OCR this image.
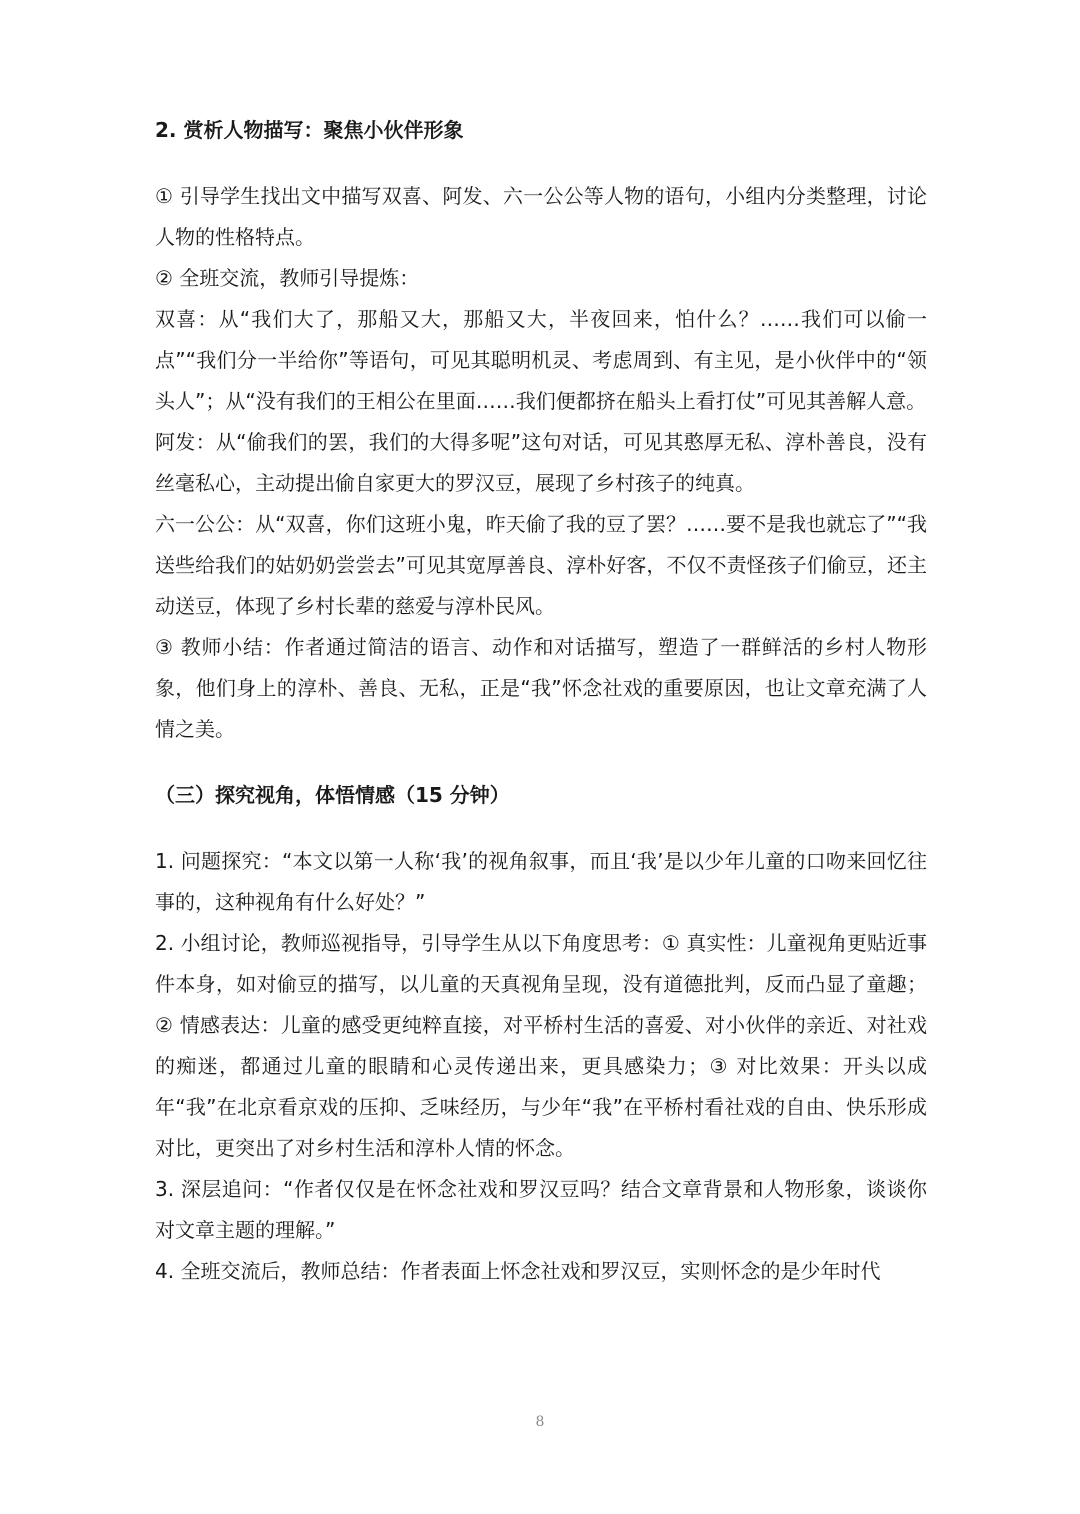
2. 赏析人物描写：聚焦小伙伴形象

① 引导学生找出文中描写双喜、阿发、六一公公等人物的语句，小组内分类整理，讨论人物的性格特点。

② 全班交流，教师引导提炼：

双喜：从“我们大了，那船又大，那船又大，半夜回来，怕什么？……我们可以偷一点”“我们分一半给你”等语句，可见其聪明机灵、考虑周到、有主见，是小伙伴中的“领头人”；从“没有我们的王相公在里面……我们便都挤在船头上看打仗”可见其善解人意。

阿发：从“偷我们的罢，我们的大得多呢”这句对话，可见其憨厚无私、淳朴善良，没有丝毫私心，主动提出偷自家更大的罗汉豆，展现了乡村孩子的纯真。

六一公公：从“双喜，你们这班小鬼，昨天偷了我的豆了罢？……要不是我也就忘了”“我送些给我们的姑奶奶尝尝去”可见其宽厚善良、淳朴好客，不仅不责怪孩子们偷豆，还主动送豆，体现了乡村长辈的慈爱与淳朴民风。

③ 教师小结：作者通过简洁的语言、动作和对话描写，塑造了一群鲜活的乡村人物形象，他们身上的淳朴、善良、无私，正是“我”怀念社戏的重要原因，也让文章充满了人情之美。

（三）探究视角，体悟情感（15 分钟）

1. 问题探究：“本文以第一人称‘我’的视角叙事，而且‘我’是以少年儿童的口吻来回忆往事的，这种视角有什么好处？”

2. 小组讨论，教师巡视指导，引导学生从以下角度思考：① 真实性：儿童视角更贴近事件本身，如对偷豆的描写，以儿童的天真视角呈现，没有道德批判，反而凸显了童趣；② 情感表达：儿童的感受更纯粹直接，对平桥村生活的喜爱、对小伙伴的亲近、对社戏的痴迷，都通过儿童的眼睛和心灵传递出来，更具感染力；③ 对比效果：开头以成年“我”在北京看京戏的压抑、乏味经历，与少年“我”在平桥村看社戏的自由、快乐形成对比，更突出了对乡村生活和淳朴人情的怀念。

3. 深层追问：“作者仅仅是在怀念社戏和罗汉豆吗？结合文章背景和人物形象，谈谈你对文章主题的理解。”

4. 全班交流后，教师总结：作者表面上怀念社戏和罗汉豆，实则怀念的是少年时代

8
